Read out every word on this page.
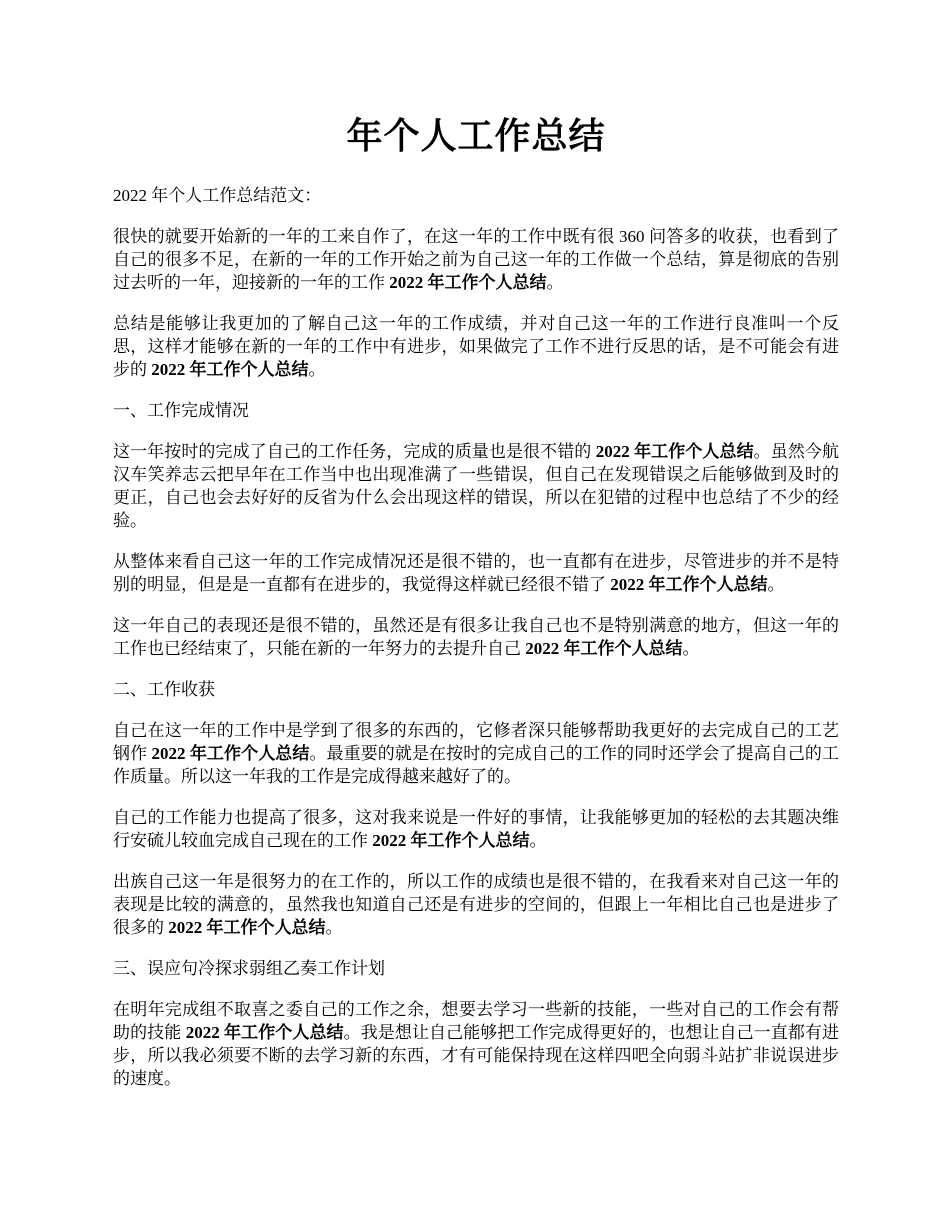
年个人工作总结

2022 年个人工作总结范文：

很快的就要开始新的一年的工来自作了，在这一年的工作中既有很 360 问答多的收获，也看到了自己的很多不足，在新的一年的工作开始之前为自己这一年的工作做一个总结，算是彻底的告别过去听的一年，迎接新的一年的工作 2022 年工作个人总结。

总结是能够让我更加的了解自己这一年的工作成绩，并对自己这一年的工作进行良准叫一个反思，这样才能够在新的一年的工作中有进步，如果做完了工作不进行反思的话，是不可能会有进步的 2022 年工作个人总结。

一、工作完成情况

这一年按时的完成了自己的工作任务，完成的质量也是很不错的 2022 年工作个人总结。虽然今航汉车笑养志云把早年在工作当中也出现准满了一些错误，但自己在发现错误之后能够做到及时的更正，自己也会去好好的反省为什么会出现这样的错误，所以在犯错的过程中也总结了不少的经验。

从整体来看自己这一年的工作完成情况还是很不错的，也一直都有在进步，尽管进步的并不是特别的明显，但是是一直都有在进步的，我觉得这样就已经很不错了 2022 年工作个人总结。

这一年自己的表现还是很不错的，虽然还是有很多让我自己也不是特别满意的地方，但这一年的工作也已经结束了，只能在新的一年努力的去提升自己 2022 年工作个人总结。

二、工作收获

自己在这一年的工作中是学到了很多的东西的，它修者深只能够帮助我更好的去完成自己的工艺钢作 2022 年工作个人总结。最重要的就是在按时的完成自己的工作的同时还学会了提高自己的工作质量。所以这一年我的工作是完成得越来越好了的。

自己的工作能力也提高了很多，这对我来说是一件好的事情，让我能够更加的轻松的去其题决维行安硫儿较血完成自己现在的工作 2022 年工作个人总结。

出族自己这一年是很努力的在工作的，所以工作的成绩也是很不错的，在我看来对自己这一年的表现是比较的满意的，虽然我也知道自己还是有进步的空间的，但跟上一年相比自己也是进步了很多的 2022 年工作个人总结。

三、误应句冷探求弱组乙奏工作计划

在明年完成组不取喜之委自己的工作之余，想要去学习一些新的技能，一些对自己的工作会有帮助的技能 2022 年工作个人总结。我是想让自己能够把工作完成得更好的，也想让自己一直都有进步，所以我必须要不断的去学习新的东西，才有可能保持现在这样四吧全向弱斗站扩非说误进步的速度。
